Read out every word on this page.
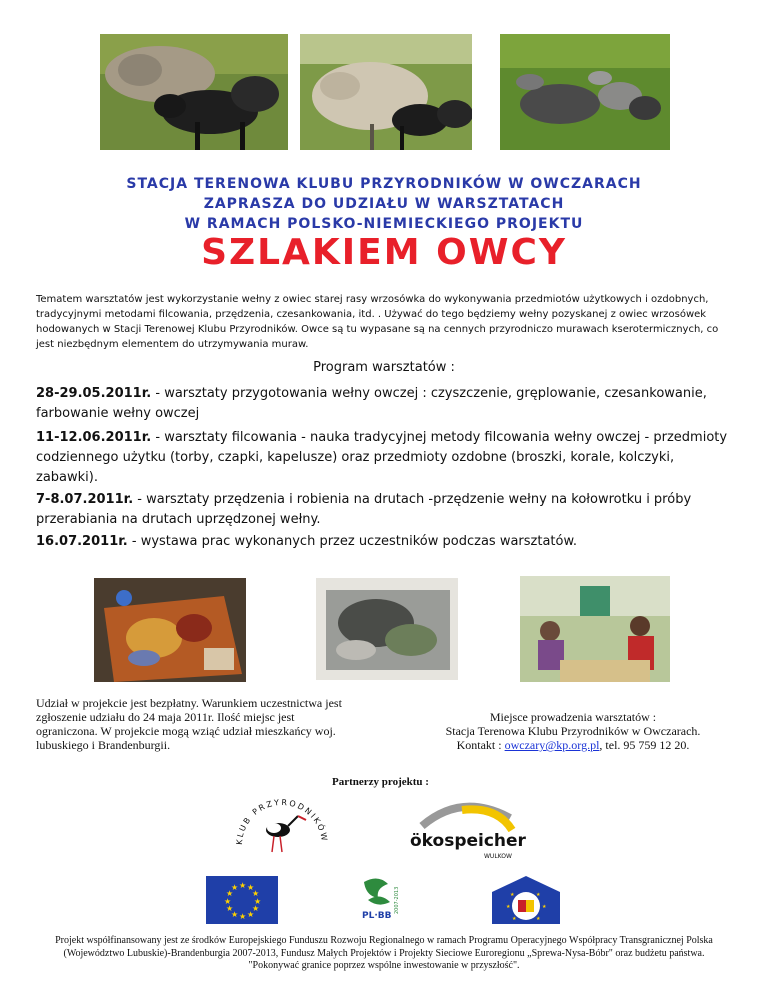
STACJA TERENOWA KLUBU PRZYRODNIKÓW W OWCZARACH
ZAPRASZA DO UDZIAŁU W WARSZTATACH
W RAMACH POLSKO-NIEMIECKIEGO PROJEKTU
SZLAKIEM OWCY
Tematem warsztatów jest wykorzystanie wełny z owiec starej rasy wrzosówka do wykonywania przedmiotów użytkowych i ozdobnych, tradycyjnymi metodami filcowania, przędzenia, czesankowania, itd. . Używać do tego będziemy wełny pozyskanej z owiec wrzosówek hodowanych w Stacji Terenowej Klubu Przyrodników. Owce są tu wypasane są na cennych przyrodniczo murawach kserotermicznych, co jest niezbędnym elementem do utrzymywania muraw.
Program warsztatów :
28-29.05.2011r. - warsztaty przygotowania wełny owczej : czyszczenie, gręplowanie, czesankowanie, farbowanie wełny owczej
11-12.06.2011r. - warsztaty filcowania - nauka tradycyjnej metody filcowania wełny owczej - przedmioty codziennego użytku (torby, czapki, kapelusze) oraz przedmioty ozdobne (broszki, korale, kolczyki, zabawki).
7-8.07.2011r. - warsztaty przędzenia i robienia na drutach -przędzenie wełny na kołowrotku i próby przerabiania na drutach uprzędzonej wełny.
16.07.2011r. - wystawa prac wykonanych przez uczestników podczas warsztatów.
Udział w projekcie jest bezpłatny. Warunkiem uczestnictwa jest zgłoszenie udziału do 24 maja 2011r. Ilość miejsc jest ograniczona. W projekcie mogą wziąć udział mieszkańcy woj. lubuskiego i Brandenburgii.
Miejsce prowadzenia warsztatów :
Stacja Terenowa Klubu Przyrodników w Owczarach.
Kontakt : owczary@kp.org.pl, tel. 95 759 12 20.
Partnerzy projektu :
KLUB PRZYRODNIKÓW	ökospeicher
WULKOW
★ ★
★
★
★
★
★
★
★
★
★
★
PL·BB
2007-2013	★	★
★	★
★	★
Projekt współfinansowany jest ze środków Europejskiego Funduszu Rozwoju Regionalnego w ramach Programu Operacyjnego Współpracy Transgranicznej Polska
(Województwo Lubuskie)-Brandenburgia 2007-2013, Fundusz Małych Projektów i Projekty Sieciowe Euroregionu „Sprewa-Nysa-Bóbr" oraz budżetu państwa.
"Pokonywać granice poprzez wspólne inwestowanie w przyszłość".
